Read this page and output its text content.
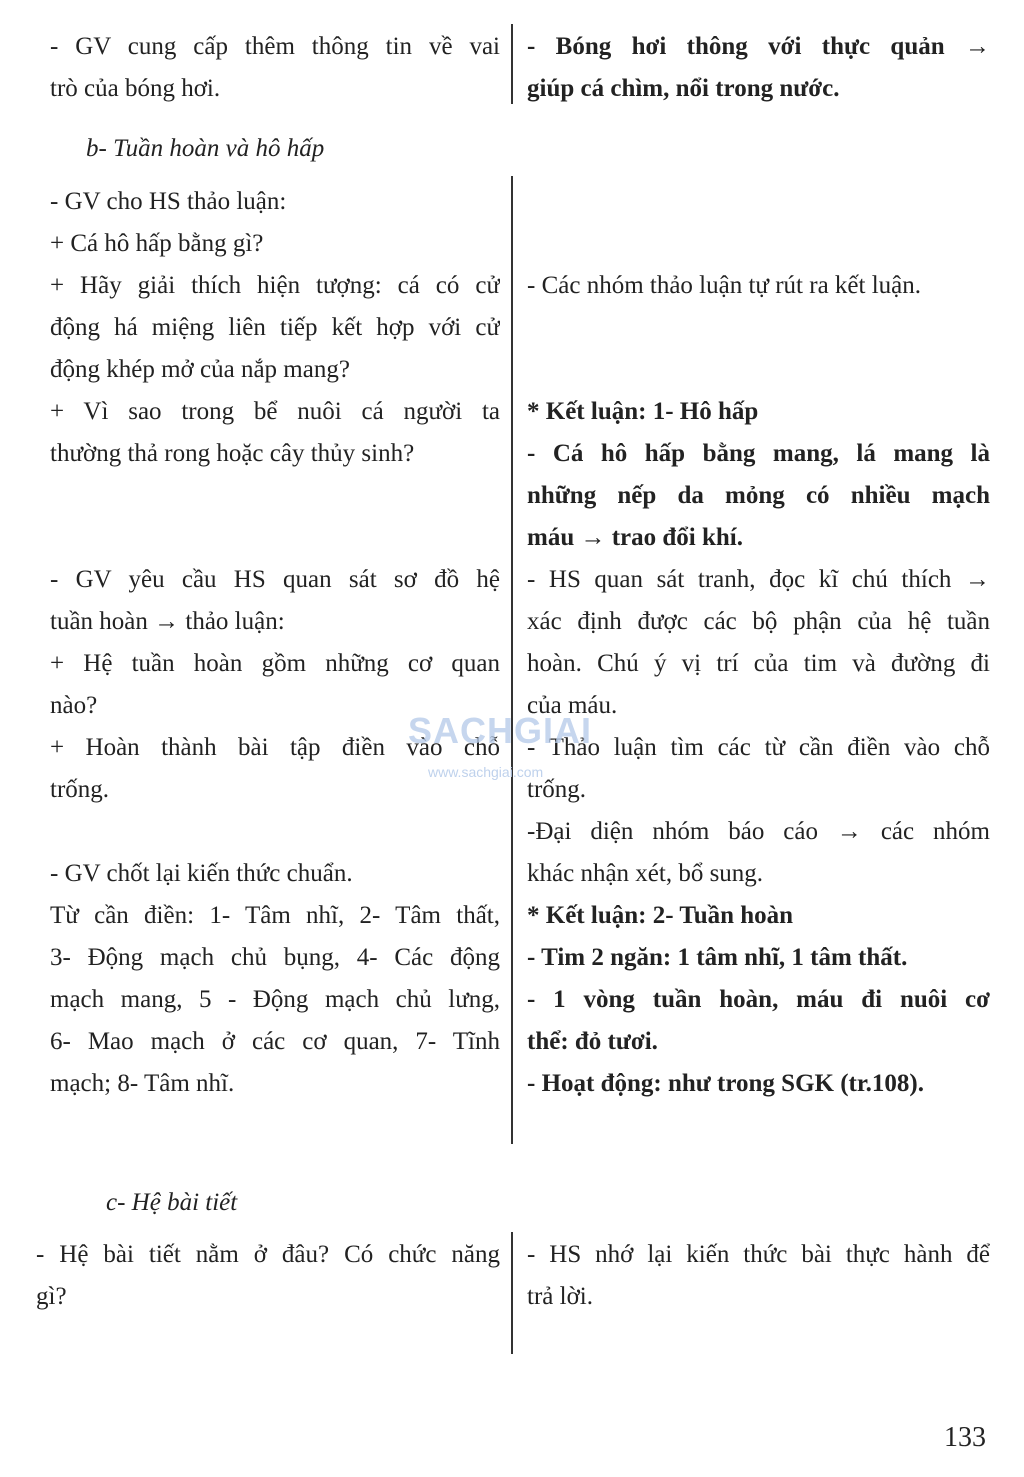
- GV cung cấp thêm thông tin về vai
trò của bóng hơi.
- Bóng hơi thông với thực quản →
giúp cá chìm, nổi trong nước.
b- Tuần hoàn và hô hấp
- GV cho HS thảo luận:
+ Cá hô hấp bằng gì?
+ Hãy giải thích hiện tượng: cá có cử
động há miệng liên tiếp kết hợp với cử
động khép mở của nắp mang?
+ Vì sao trong bể nuôi cá người ta
thường thả rong hoặc cây thủy sinh?
- GV yêu cầu HS quan sát sơ đồ hệ
tuần hoàn → thảo luận:
+ Hệ tuần hoàn gồm những cơ quan
nào?
+ Hoàn thành bài tập điền vào chỗ
trống.
- GV chốt lại kiến thức chuẩn.
Từ cần điền: 1- Tâm nhĩ, 2- Tâm thất,
3- Động mạch chủ bụng, 4- Các động
mạch mang, 5 - Động mạch chủ lưng,
6- Mao mạch ở các cơ quan, 7- Tĩnh
mạch; 8- Tâm nhĩ.
- Các nhóm thảo luận tự rút ra kết luận.
* Kết luận: 1- Hô hấp
- Cá hô hấp bằng mang, lá mang là
những nếp da mỏng có nhiều mạch
máu → trao đổi khí.
- HS quan sát tranh, đọc kĩ chú thích →
xác định được các bộ phận của hệ tuần
hoàn. Chú ý vị trí của tim và đường đi
của máu.
- Thảo luận tìm các từ cần điền vào chỗ
trống.
-Đại diện nhóm báo cáo → các nhóm
khác nhận xét, bổ sung.
* Kết luận: 2- Tuần hoàn
- Tim 2 ngăn: 1 tâm nhĩ, 1 tâm thất.
- 1 vòng tuần hoàn, máu đi nuôi cơ
thể: đỏ tươi.
- Hoạt động: như trong SGK (tr.108).
c- Hệ bài tiết
- Hệ bài tiết nằm ở đâu? Có chức năng
gì?
- HS nhớ lại kiến thức bài thực hành để
trả lời.
SACHGIAI
www.sachgiai.com
133
